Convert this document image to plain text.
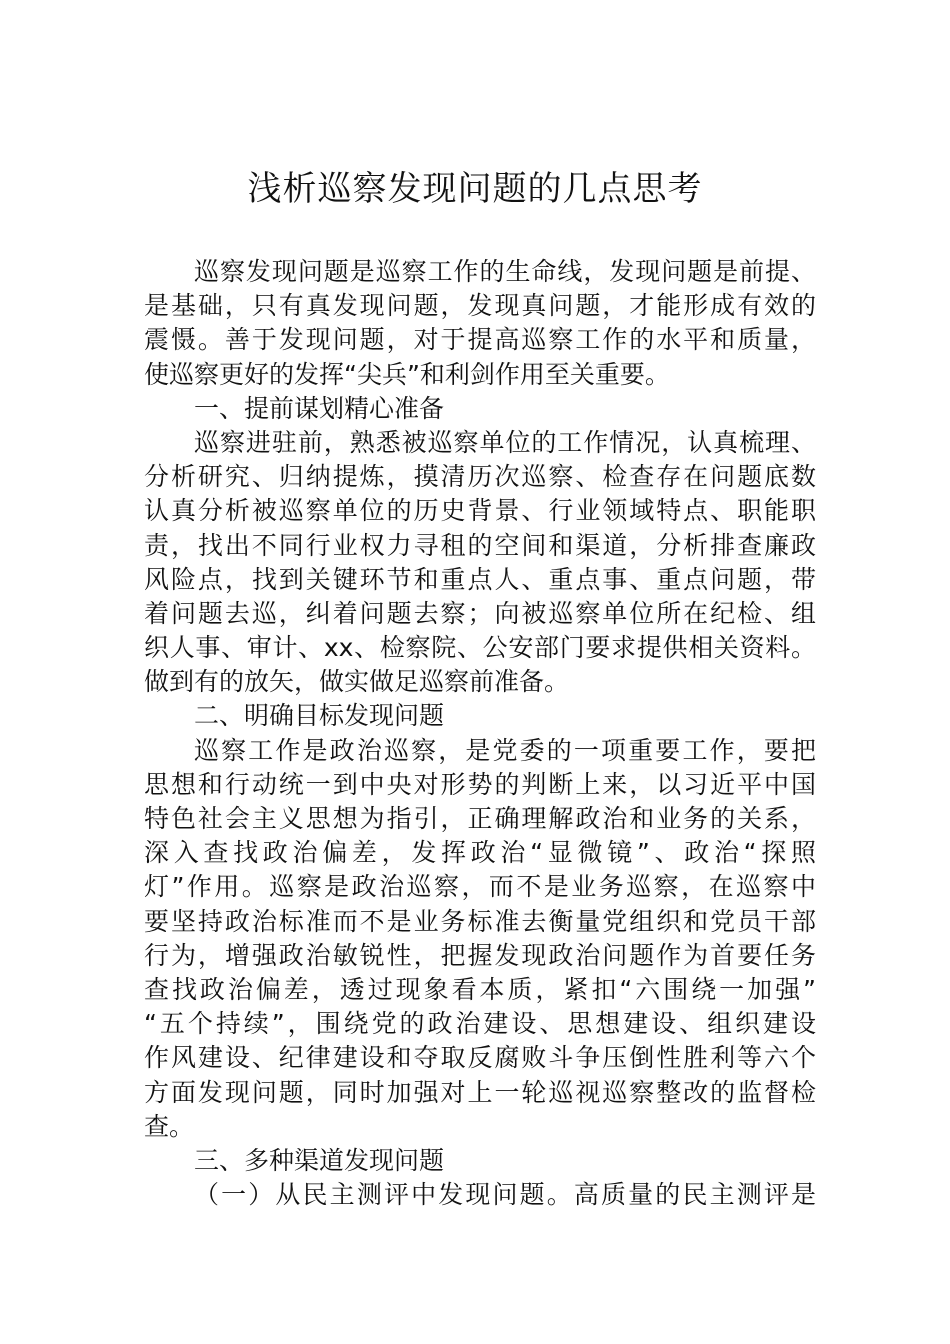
浅析巡察发现问题的几点思考
巡察发现问题是巡察工作的生命线，发现问题是前提、
是基础，只有真发现问题，发现真问题，才能形成有效的
震慑。善于发现问题，对于提高巡察工作的水平和质量，
使巡察更好的发挥“尖兵”和利剑作用至关重要。
一、提前谋划精心准备
巡察进驻前，熟悉被巡察单位的工作情况，认真梳理、
分析研究、归纳提炼，摸清历次巡察、检查存在问题底数
认真分析被巡察单位的历史背景、行业领域特点、职能职
责，找出不同行业权力寻租的空间和渠道，分析排查廉政
风险点，找到关键环节和重点人、重点事、重点问题，带
着问题去巡，纠着问题去察；向被巡察单位所在纪检、组
织人事、审计、xx、检察院、公安部门要求提供相关资料。
做到有的放矢，做实做足巡察前准备。
二、明确目标发现问题
巡察工作是政治巡察，是党委的一项重要工作，要把
思想和行动统一到中央对形势的判断上来，以习近平中国
特色社会主义思想为指引，正确理解政治和业务的关系，
深入查找政治偏差，发挥政治“显微镜”、政治“探照
灯”作用。巡察是政治巡察，而不是业务巡察，在巡察中
要坚持政治标准而不是业务标准去衡量党组织和党员干部
行为，增强政治敏锐性，把握发现政治问题作为首要任务
查找政治偏差，透过现象看本质，紧扣“六围绕一加强”
“五个持续”，围绕党的政治建设、思想建设、组织建设
作风建设、纪律建设和夺取反腐败斗争压倒性胜利等六个
方面发现问题，同时加强对上一轮巡视巡察整改的监督检
查。
三、多种渠道发现问题
（一）从民主测评中发现问题。高质量的民主测评是
